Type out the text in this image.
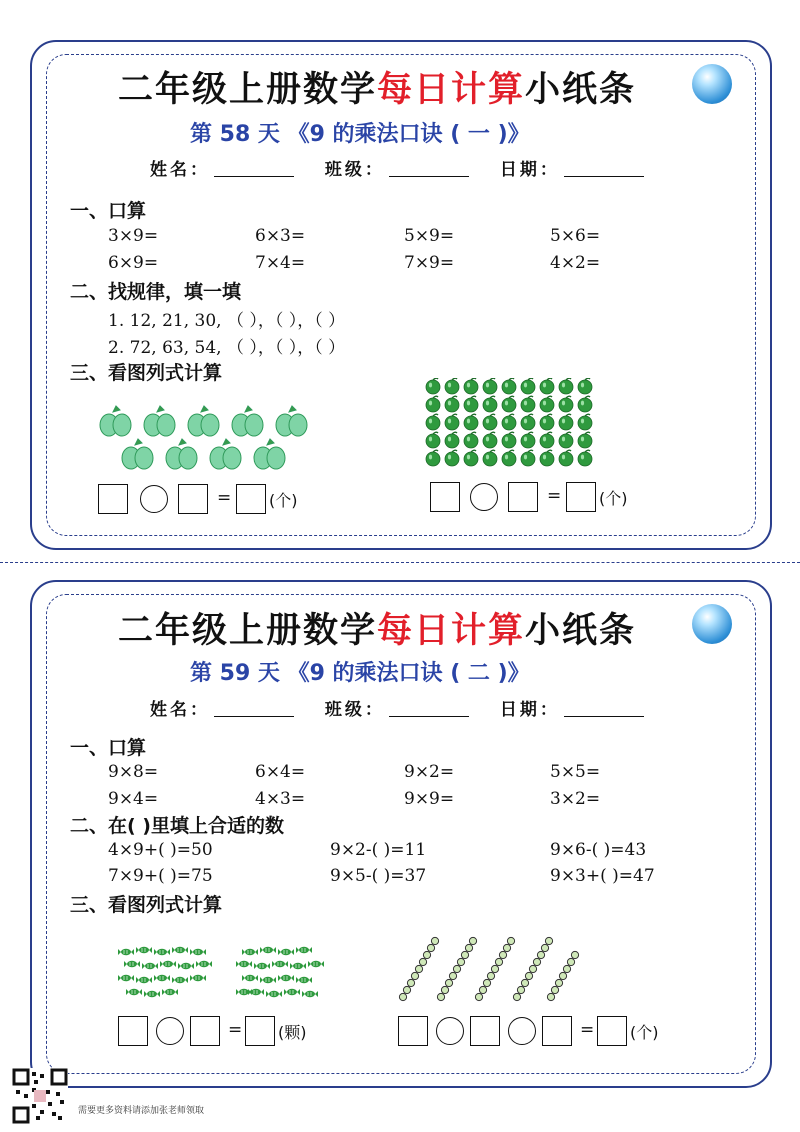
二年级上册数学每日计算小纸条
第 58 天 《9 的乘法口诀 ( 一 )》
姓名：	班级：	日期：
一、口算
3×9=	6×3=	5×9=	5×6=
6×9=	7×4=	7×9=	4×2=
二、找规律，填一填
1. 12, 21, 30, （ ），（ ），（ ）
2. 72, 63, 54, （ ），（ ），（ ）
三、看图列式计算
= (个)	= (个)
二年级上册数学每日计算小纸条
第 59 天 《9 的乘法口诀 ( 二 )》
姓名：	班级：	日期：
一、口算
9×8=	6×4=	9×2=	5×5=
9×4=	4×3=	9×9=	3×2=
二、在( )里填上合适的数
4×9+( )=50	9×2-( )=11	9×6-( )=43
7×9+( )=75	9×5-( )=37	9×3+( )=47
三、看图列式计算
= (颗)	= (个)
需要更多资料请添加张老师领取
